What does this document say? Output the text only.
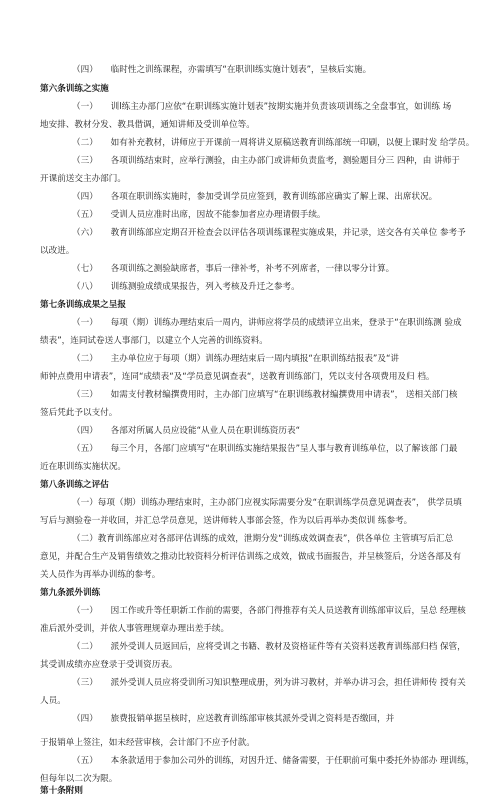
（四）　　临时性之训练课程，亦需填写“在职训l练实施计划表”，呈核后实施。

第六条训练之实施

（一）　　训l练主办部门应依“在职训练实施计划表”按期实施并负责该项训练之全盘事宜，如训练 场

地安排、教材分发、教具借调，通知讲师及受训单位等。

（二）　　如有补充教材，讲师应于开课前一周将讲义原稿送教育训练部统一印刷，以便上课时发 给学员。

（三）　　各项训练结束时，应举行测验，由主办部门或讲师负责监考，测验题目分三 四种，由 讲师于

开课前送交主办部门。

（四）　　各项在职训练实施时，参加受训学员应签到，教育训练部应确实了解上课、出席状况。

（五）　　受训人员应准时出席，因故不能参加者应办理请假手续。

（六）　　教育训练部应定期召开检查会以评估各项训练课程实施成果，并记录，送交各有关单位 参考予

以改进。

（七）　　各项训练之测验缺席者，事后一律补考，补考不列席者，一律以零分计算。

（八）　　训练测验成绩成果报告，列入考核及升迁之参考。

第七条训练成果之呈报

（一）　　每项（期）训练办理结束后一周内，讲师应将学员的成绩评立出来，登录于“在职训练测 验成

绩表”，连同试卷送人事部门，以建立个人完善的训练资料。

（二）　　主办单位应于每项（期）训练办理结束后一周内填报“在职训练结报表”及“讲

师钟点费用申请表”，连同“成绩表“及“学员意见调查表“，送教育训练部门，凭以支付各项费用及归 档。

（三）　　如需支付教材编撰费用时，主办部门应填写“在职训练教材编撰费用申请表”， 送相关部门核

签后凭此予以支付。

（四）　　各部对所属人员应设能“从业人员在职训练资历表“

（五）　　每三个月，各部门应填写“在职训练实施结果报告”呈人事与教育训练单位，以了解该部 门最

近在职训练实施状况。

第八条训练之评估

（一）每项（期）训练办理结束时，主办部门应视实际需要分发“在职训练学员意见调查表”， 供学员填

写后与测验卷一并收回，并汇总学员意见，送讲师转人事部会签，作为以后再举办类似训 练参考。

（二）教育训练部应对各部评估训练的成效，泄期分发“训练成效调查表”，供各单位 主管填写后汇总

意见，并配合生产及销售绩效之推动比较资料分析评估训练之成效，做成书面报告，并呈核签后，分送各部及有

关人员作为再举办训练的参考。

第九条派外训练

（一）　　因工作或升等任职新工作前的需要，各部门得推荐有关人员送教育训练部审议后，呈总 经理核

准后派外受训，并依人事管理规章办理出差手续。

（二）　　派外受训人员返回后，应将受训之书籍、教材及资格证件等有关资料送教育训练部归档 保管，

其受训成绩亦应登录于受训资历表。

（三）　　派外受训人员应将受训所习知识整理成册，列为讲习教材，并举办讲习会，担任讲师传 授有关

人员。

（四）　　旅费报销单据呈核时，应送教育训练部审核其派外受训之资料是否缴回，并

于报销单上签注，如未经营审核，会计部门不应予付款。

（五）　　本条款适用于参加公司外的训练，对因升迁、储备需要，于任职前可集中委托外协部办 理训练，

但每年以二次为限。

第十条附则
